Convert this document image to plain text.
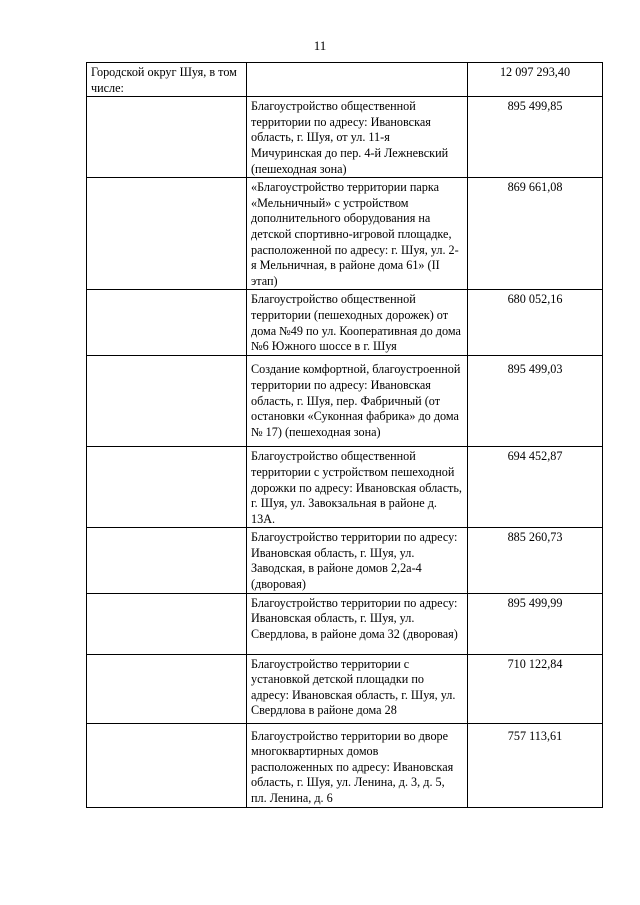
11
Городской округ Шуя, в том числе:		12 097 293,40
	Благоустройство общественной территории по адресу: Ивановская область, г. Шуя, от ул. 11-я Мичуринская до пер. 4-й Лежневский (пешеходная зона)	895 499,85
	«Благоустройство территории парка «Мельничный» с устройством дополнительного оборудования на детской спортивно-игровой площадке, расположенной по адресу: г. Шуя, ул. 2-я Мельничная, в районе дома 61» (II этап)	869 661,08
	Благоустройство общественной территории (пешеходных дорожек) от дома №49 по ул. Кооперативная до дома №6 Южного шоссе в г. Шуя	680 052,16
	Создание комфортной, благоустроенной территории по адресу: Ивановская область, г. Шуя, пер. Фабричный (от остановки «Суконная фабрика» до дома № 17) (пешеходная зона)	895 499,03
	Благоустройство общественной территории с устройством пешеходной дорожки по адресу: Ивановская область, г. Шуя, ул. Завокзальная в районе д. 13А.	694 452,87
	Благоустройство территории по адресу: Ивановская область, г. Шуя, ул. Заводская, в районе домов 2,2а-4 (дворовая)	885 260,73
	Благоустройство территории по адресу: Ивановская область, г. Шуя, ул. Свердлова, в районе дома 32 (дворовая)	895 499,99
	Благоустройство территории с установкой детской площадки по адресу: Ивановская область, г. Шуя, ул. Свердлова в районе дома 28	710 122,84
	Благоустройство территории во дворе многоквартирных домов расположенных по адресу: Ивановская область, г. Шуя, ул. Ленина, д. 3, д. 5, пл. Ленина, д. 6	757 113,61
